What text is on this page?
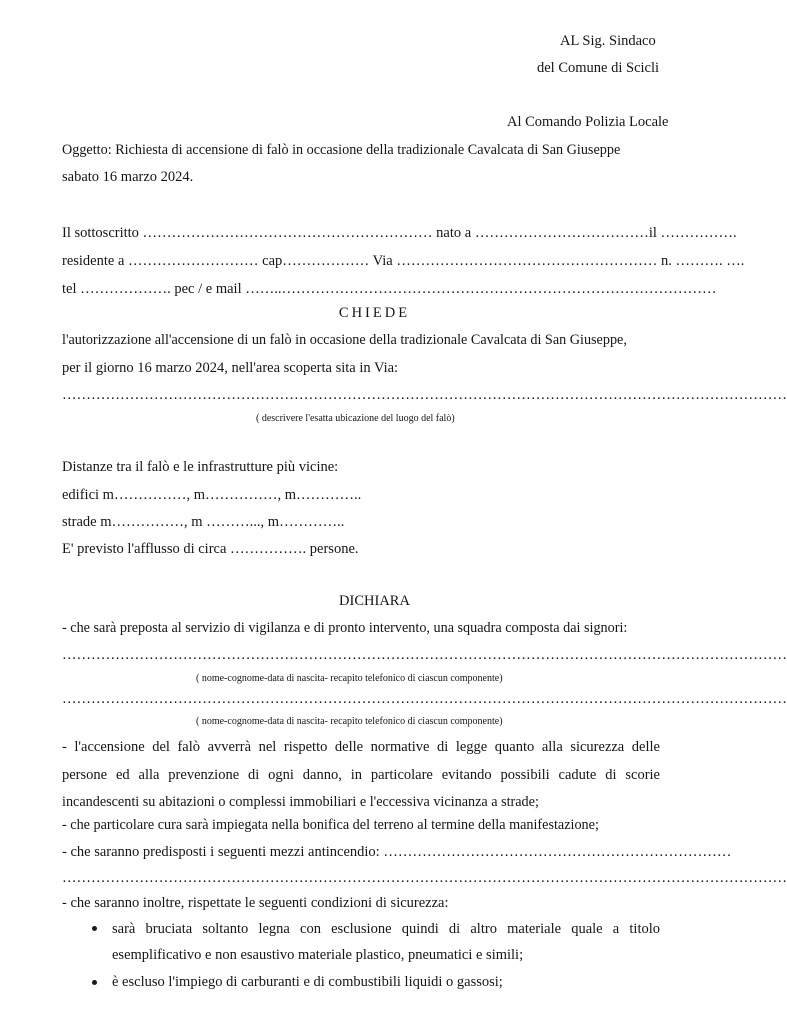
AL Sig. Sindaco
del Comune di Scicli
Al Comando Polizia Locale
Oggetto: Richiesta di accensione di falò in occasione della tradizionale Cavalcata di San Giuseppe
sabato 16 marzo 2024.
Il sottoscritto …………………………………………………… nato a ………………………………il …………….
residente a ……………………… cap……………… Via ……………………………………………… n. ………. ….
tel ………………. pec / e mail ……..………………………………………………………………………………
CHIEDE
l'autorizzazione all'accensione di un falò in occasione della tradizionale Cavalcata di San Giuseppe,
per il giorno 16 marzo 2024, nell'area scoperta sita in Via:
……………………………………………………………………………………………………………………………………
( descrivere l'esatta ubicazione del luogo del falò)
Distanze tra il falò e le infrastrutture più vicine:
edifici m……………, m……………, m…………..
strade m……………, m ………..., m…………..
E' previsto l'afflusso di circa ……………. persone.
DICHIARA
- che sarà preposta al servizio di vigilanza e di pronto intervento, una squadra composta dai signori:
……………………………………………………………………………………………………………………………………
( nome-cognome-data di nascita- recapito telefonico di ciascun componente)
……………………………………………………………………………………………………………………………………
( nome-cognome-data di nascita- recapito telefonico di ciascun componente)
- l'accensione del falò avverrà nel rispetto delle normative di legge quanto alla sicurezza delle
persone ed alla prevenzione di ogni danno, in particolare evitando possibili cadute di scorie
incandescenti su abitazioni o complessi immobiliari e l'eccessiva vicinanza a strade;
- che particolare cura sarà impiegata nella bonifica del terreno al termine della manifestazione;
- che saranno predisposti i seguenti mezzi antincendio: ………………………………………………………………
……………………………………………………………………………………………………………………………………
- che saranno inoltre, rispettate le seguenti condizioni di sicurezza:
sarà bruciata soltanto legna con esclusione quindi di altro materiale quale a titolo
esemplificativo e non esaustivo materiale plastico, pneumatici e simili;
è escluso l'impiego di carburanti e di combustibili liquidi o gassosi;
